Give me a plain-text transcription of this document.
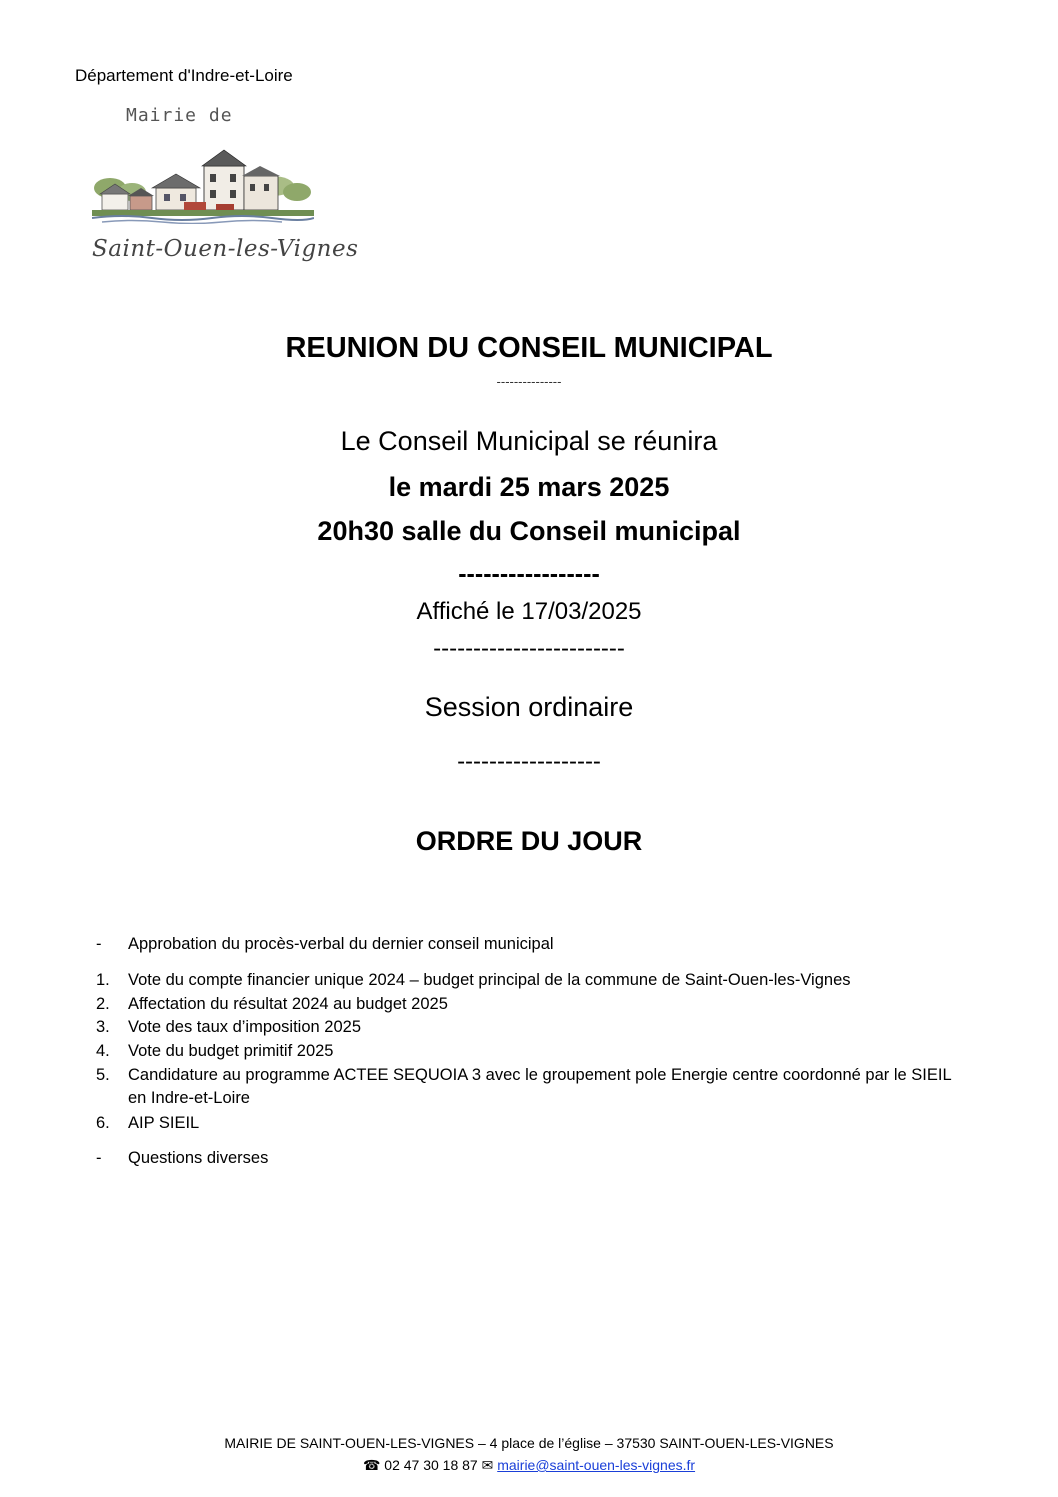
Département d'Indre-et-Loire
Mairie de
Saint-Ouen-les-Vignes
REUNION DU CONSEIL MUNICIPAL
---------------
Le Conseil Municipal se réunira
le mardi 25 mars 2025
20h30 salle du Conseil municipal
-----------------
Affiché le 17/03/2025
------------------------
Session ordinaire
------------------
ORDRE DU JOUR
-	Approbation du procès-verbal du dernier conseil municipal
1.	Vote du compte financier unique 2024 – budget principal de la commune de Saint-Ouen-les-Vignes
2.	Affectation du résultat 2024 au budget 2025
3.	Vote des taux d’imposition 2025
4.	Vote du budget primitif 2025
5.	Candidature au programme ACTEE SEQUOIA 3 avec le groupement pole Energie centre coordonné par le SIEIL en Indre-et-Loire
6.	AIP SIEIL
-	Questions diverses
MAIRIE DE SAINT-OUEN-LES-VIGNES – 4 place de l’église – 37530 SAINT-OUEN-LES-VIGNES
☎ 02 47 30 18 87 ✉ mairie@saint-ouen-les-vignes.fr
